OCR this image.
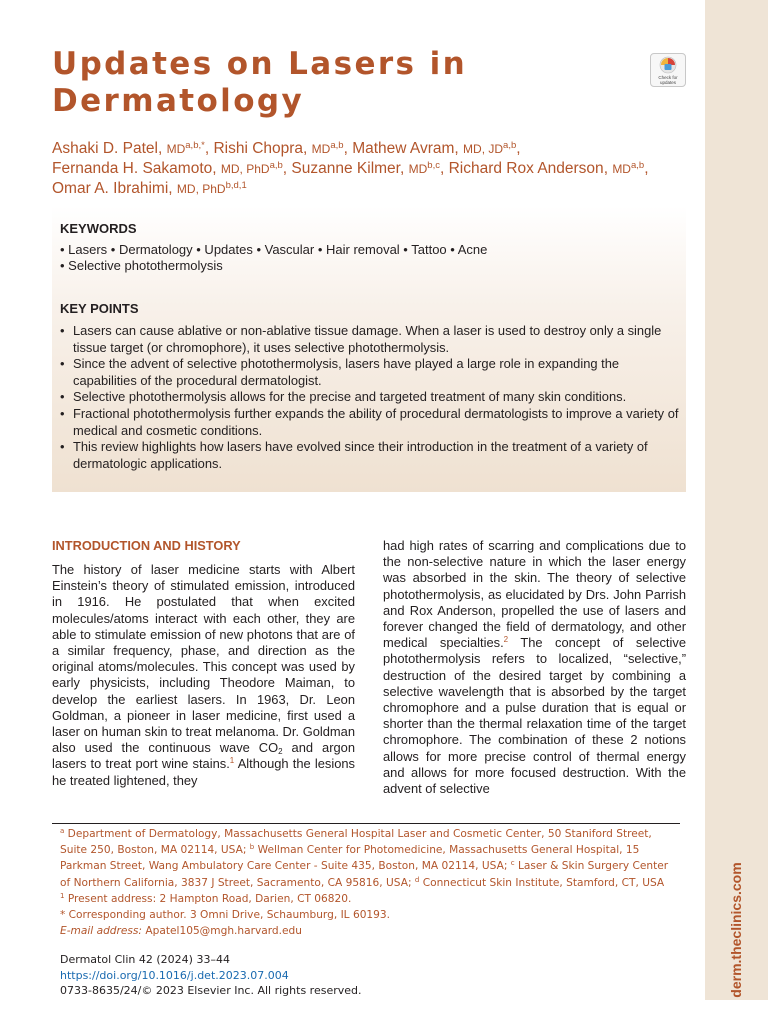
derm.theclinics.com
Updates on Lasers in Dermatology
Check for updates
Ashaki D. Patel, $MD^{a,b,*}$, Rishi Chopra, MD$^{a,b}$, Mathew Avram, MD, JD$^{a,b}$,
Fernanda H. Sakamoto, MD, PhD$^{a,b}$, Suzanne Kilmer, MD$^{b,c}$, Richard Rox Anderson, MD$^{a,b}$,
Omar A. Ibrahimi, MD, PhD$^{b,d,1}$
KEYWORDS
• Lasers • Dermatology • Updates • Vascular • Hair removal • Tattoo • Acne
• Selective photothermolysis
KEY POINTS
• Lasers can cause ablative or non-ablative tissue damage. When a laser is used to destroy only a single tissue target (or chromophore), it uses selective photothermolysis.
• Since the advent of selective photothermolysis, lasers have played a large role in expanding the capabilities of the procedural dermatologist.
• Selective photothermolysis allows for the precise and targeted treatment of many skin conditions.
• Fractional photothermolysis further expands the ability of procedural dermatologists to improve a variety of medical and cosmetic conditions.
• This review highlights how lasers have evolved since their introduction in the treatment of a variety of dermatologic applications.
INTRODUCTION AND HISTORY
The history of laser medicine starts with Albert Einstein’s theory of stimulated emission, introduced in 1916. He postulated that when excited molecules/atoms interact with each other, they are able to stimulate emission of new photons that are of a similar frequency, phase, and direction as the original atoms/molecules. This concept was used by early physicists, including Theodore Maiman, to develop the earliest lasers. In 1963, Dr. Leon Goldman, a pioneer in laser medicine, first used a laser on human skin to treat melanoma. Dr. Goldman also used the continuous wave $CO_2$ and argon lasers to treat port wine stains.$^1$ Although the lesions he treated lightened, they
had high rates of scarring and complications due to the non-selective nature in which the laser energy was absorbed in the skin. The theory of selective photothermolysis, as elucidated by Drs. John Parrish and Rox Anderson, propelled the use of lasers and forever changed the field of dermatology, and other medical specialties.$^2$ The concept of selective photothermolysis refers to localized, “selective,” destruction of the desired target by combining a selective wavelength that is absorbed by the target chromophore and a pulse duration that is equal or shorter than the thermal relaxation time of the target chromophore. The combination of these 2 notions allows for more precise control of thermal energy and allows for more focused destruction. With the advent of selective
$^a$ Department of Dermatology, Massachusetts General Hospital Laser and Cosmetic Center, 50 Staniford Street, Suite 250, Boston, MA 02114, USA; $^b$ Wellman Center for Photomedicine, Massachusetts General Hospital, 15 Parkman Street, Wang Ambulatory Care Center - Suite 435, Boston, MA 02114, USA; $^c$ Laser & Skin Surgery Center of Northern California, 3837 J Street, Sacramento, CA 95816, USA; $^d$ Connecticut Skin Institute, Stamford, CT, USA
$^1$ Present address: 2 Hampton Road, Darien, CT 06820.
* Corresponding author. 3 Omni Drive, Schaumburg, IL 60193.
E-mail address: Apatel105@mgh.harvard.edu
Dermatol Clin 42 (2024) 33–44
https://doi.org/10.1016/j.det.2023.07.004
0733-8635/24/© 2023 Elsevier Inc. All rights reserved.
